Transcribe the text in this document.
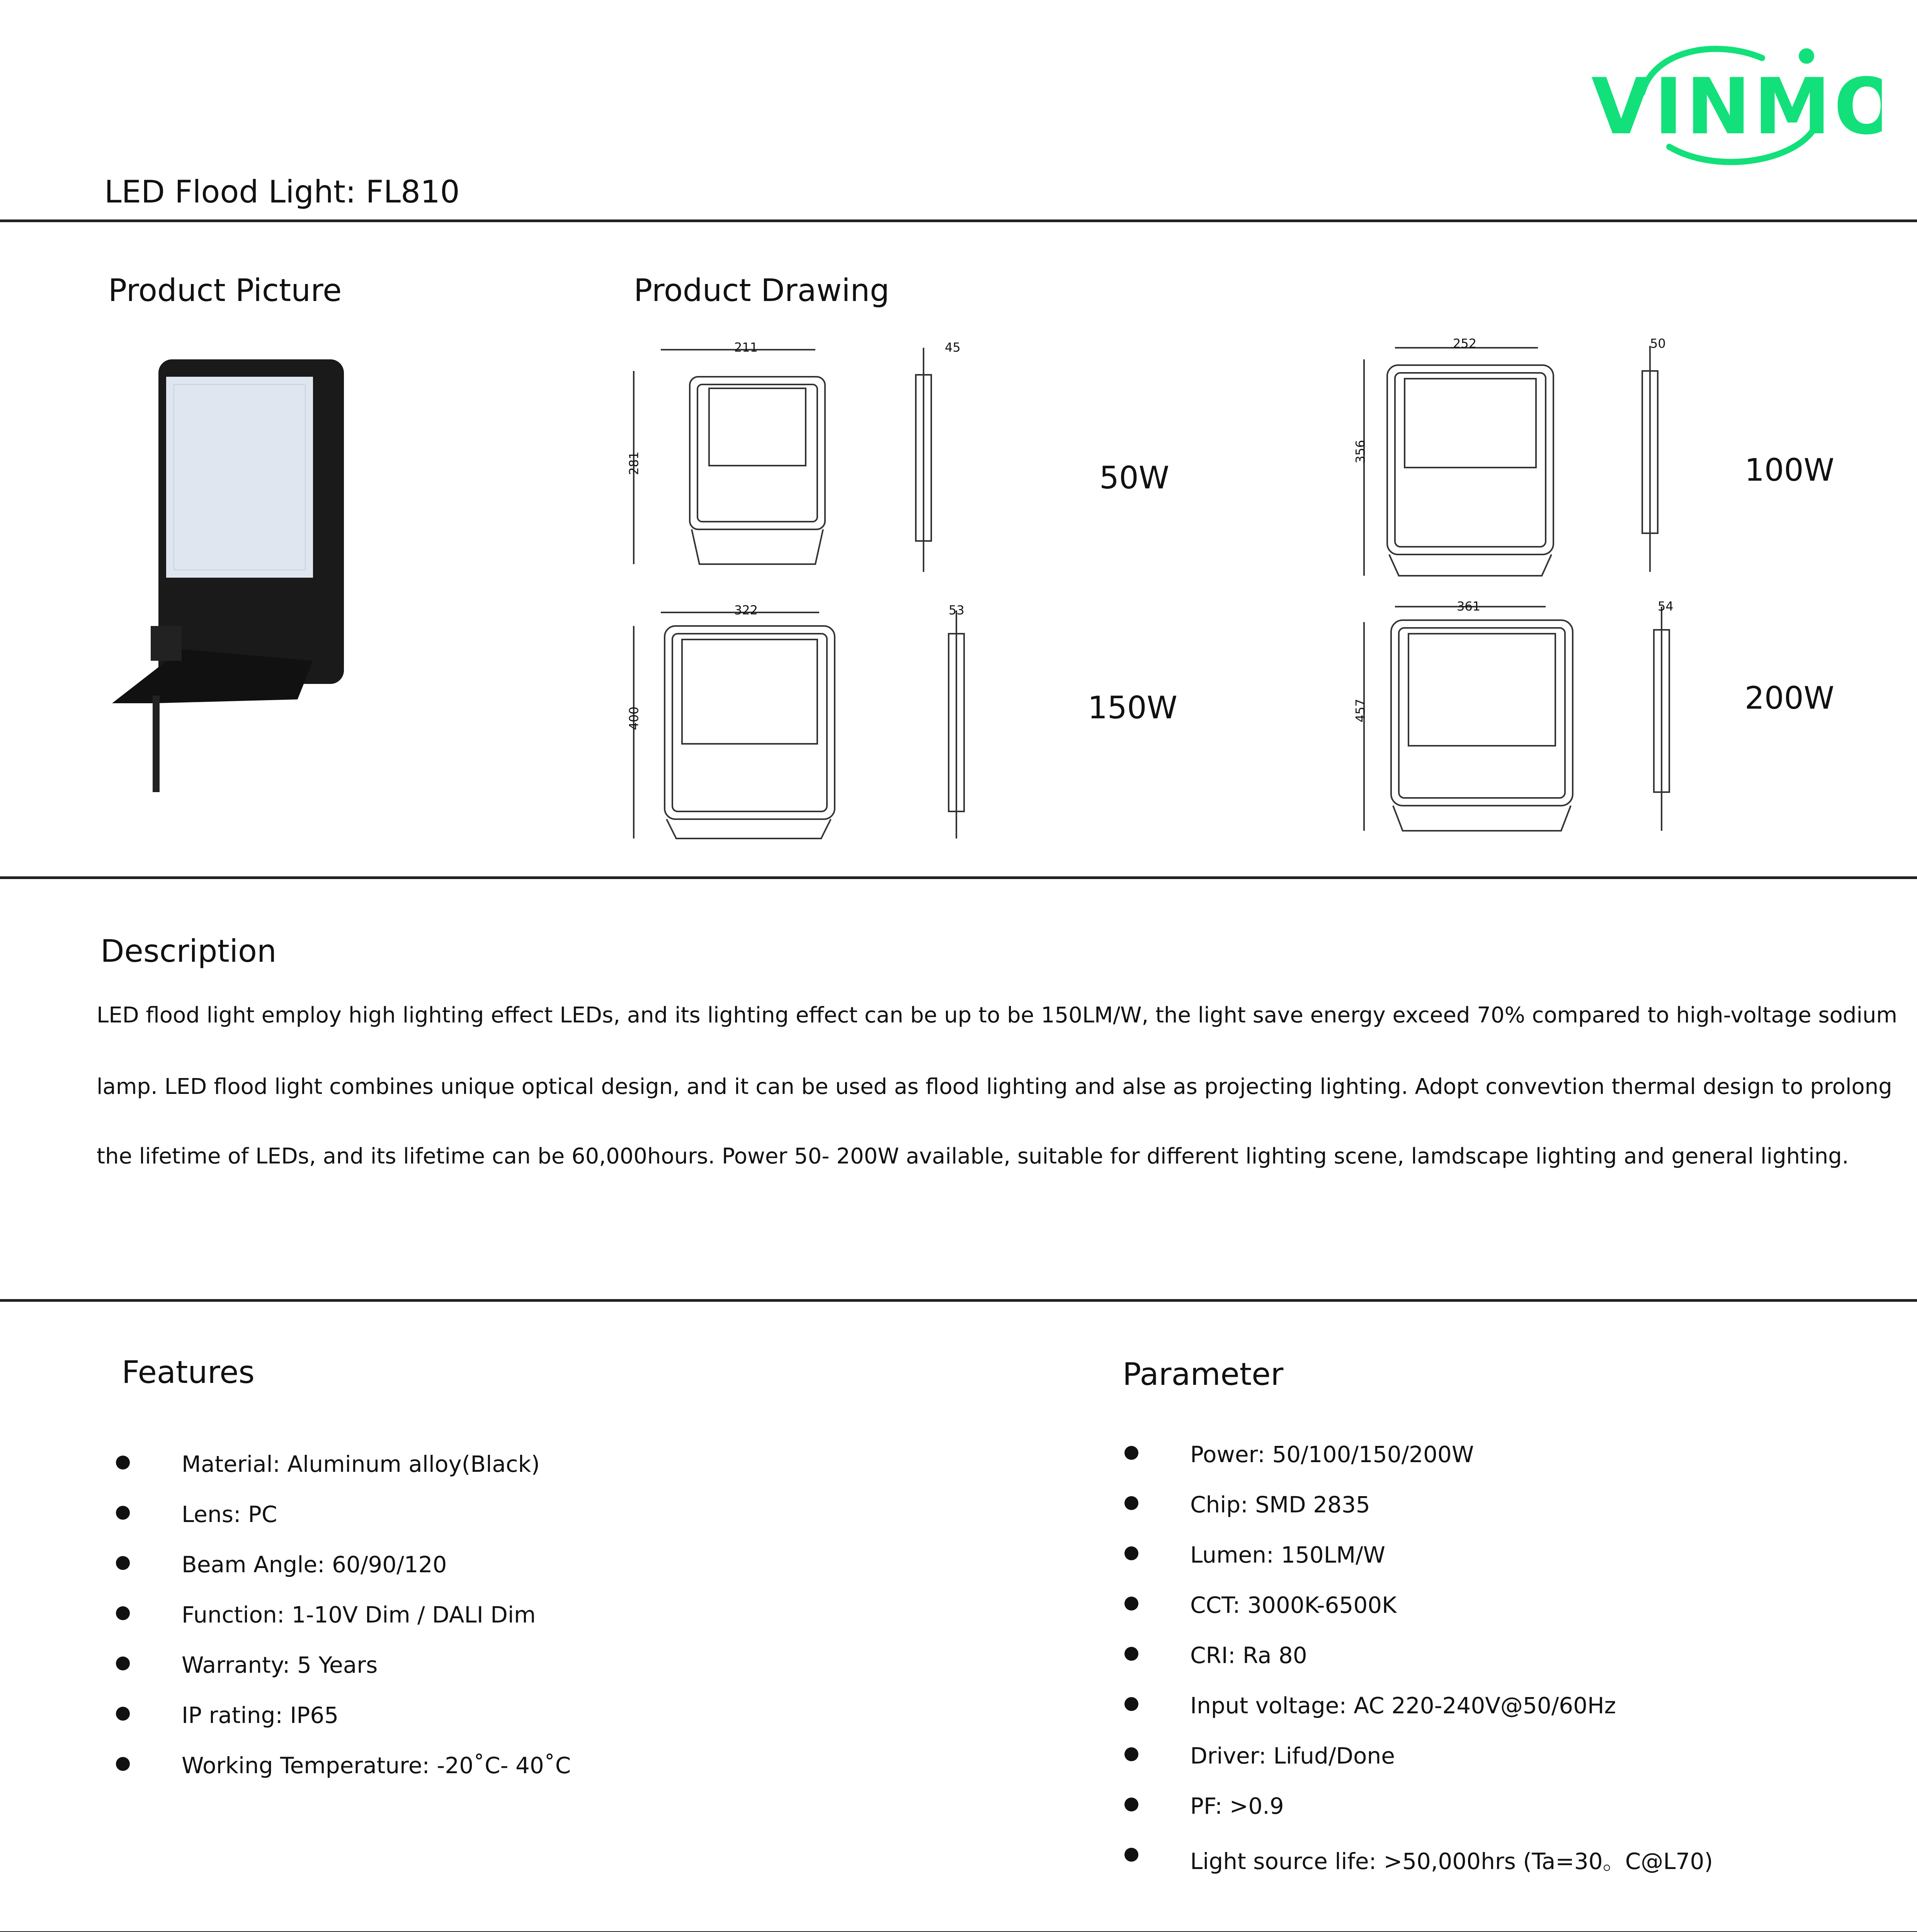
VINMO
LED Flood Light: FL810
Product Picture	Product Drawing
211
281
45
50W
252
356
50
100W
322
400
53
150W
361
457
54
200W
Description
LED flood light employ high lighting effect LEDs, and its lighting effect can be up to be 150LM/W, the light save energy exceed 70% compared to high-voltage sodium
lamp. LED flood light combines unique optical design, and it can be used as flood lighting and alse as projecting lighting. Adopt convevtion thermal design to prolong
the lifetime of LEDs, and its lifetime can be 60,000hours. Power 50- 200W available, suitable for different lighting scene, lamdscape lighting and general lighting.
Features
Material: Aluminum alloy(Black)
Lens: PC
Beam Angle: 60/90/120
Function: 1-10V Dim / DALI Dim
Warranty: 5 Years
IP rating: IP65
Working Temperature: -20˚C- 40˚C
Parameter
Power: 50/100/150/200W
Chip: SMD 2835
Lumen: 150LM/W
CCT: 3000K-6500K
CRI: Ra 80
Input voltage: AC 220-240V@50/60Hz
Driver: Lifud/Done
PF: >0.9
Light source life: >50,000hrs (Ta=30。C@L70)
